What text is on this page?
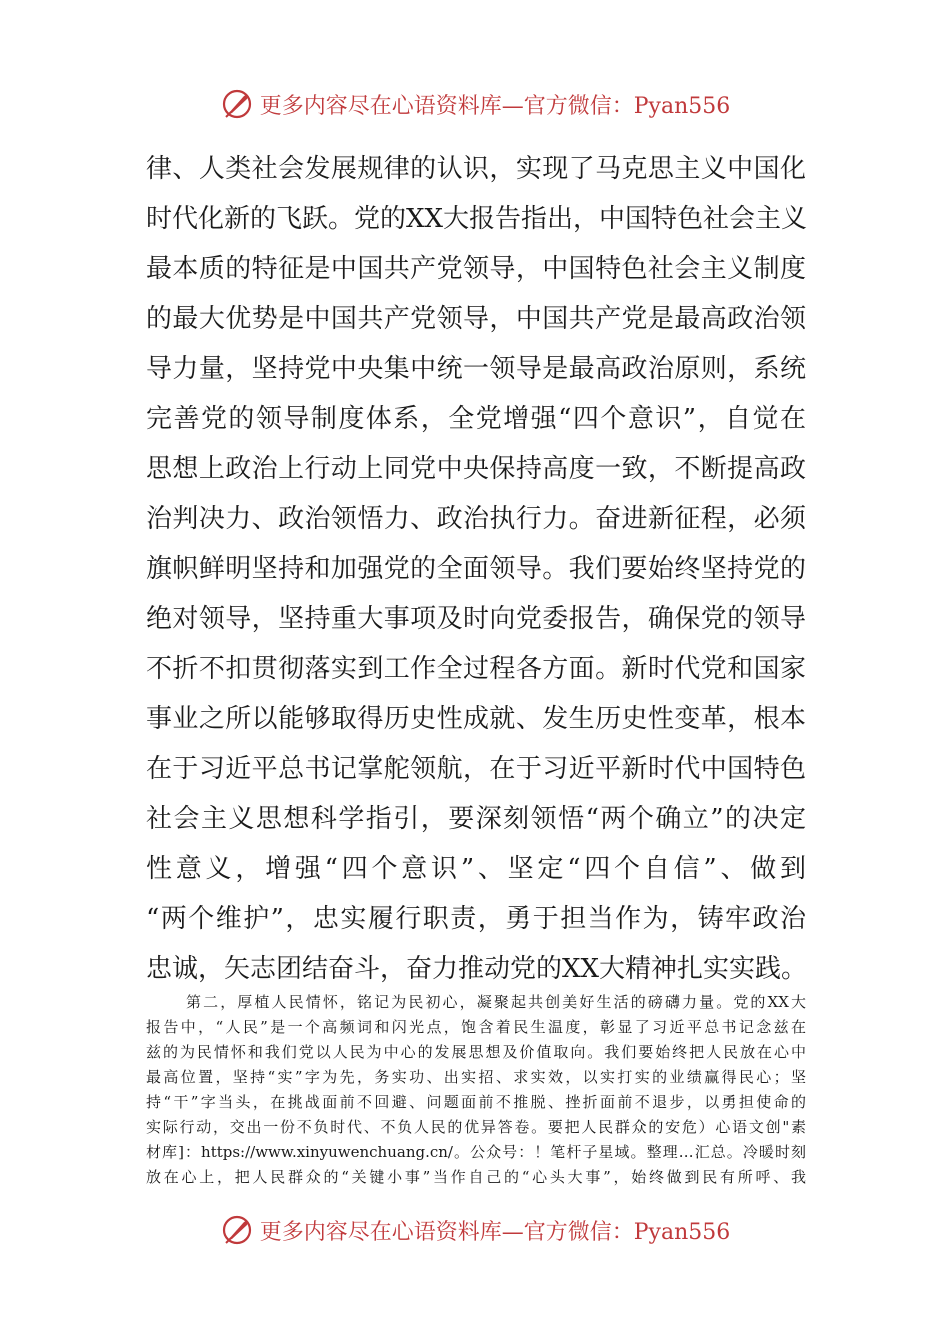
更多内容尽在心语资料库—官方微信：Pyan556
律、人类社会发展规律的认识，实现了马克思主义中国化
时代化新的飞跃。党的XX大报告指出，中国特色社会主义
最本质的特征是中国共产党领导，中国特色社会主义制度
的最大优势是中国共产党领导，中国共产党是最高政治领
导力量，坚持党中央集中统一领导是最高政治原则，系统
完善党的领导制度体系，全党增强“四个意识”，自觉在
思想上政治上行动上同党中央保持高度一致，不断提高政
治判决力、政治领悟力、政治执行力。奋进新征程，必须
旗帜鲜明坚持和加强党的全面领导。我们要始终坚持党的
绝对领导，坚持重大事项及时向党委报告，确保党的领导
不折不扣贯彻落实到工作全过程各方面。新时代党和国家
事业之所以能够取得历史性成就、发生历史性变革，根本
在于习近平总书记掌舵领航，在于习近平新时代中国特色
社会主义思想科学指引，要深刻领悟“两个确立”的决定
性意义，增强“四个意识”、坚定“四个自信”、做到
“两个维护”，忠实履行职责，勇于担当作为，铸牢政治
忠诚，矢志团结奋斗，奋力推动党的XX大精神扎实实践。
第二，厚植人民情怀，铭记为民初心，凝聚起共创美好生活的磅礴力量。党的XX大
报告中，“人民”是一个高频词和闪光点，饱含着民生温度，彰显了习近平总书记念兹在
兹的为民情怀和我们党以人民为中心的发展思想及价值取向。我们要始终把人民放在心中
最高位置，坚持“实”字为先，务实功、出实招、求实效，以实打实的业绩赢得民心；坚
持“干”字当头，在挑战面前不回避、问题面前不推脱、挫折面前不退步，以勇担使命的
实际行动，交出一份不负时代、不负人民的优异答卷。要把人民群众的安危）心语文创"素
材库]：https://www.xinyuwenchuang.cn/。公众号：！笔杆子星域。整理…汇总。冷暖时刻
放在心上，把人民群众的“关键小事”当作自己的“心头大事”，始终做到民有所呼、我
更多内容尽在心语资料库—官方微信：Pyan556
